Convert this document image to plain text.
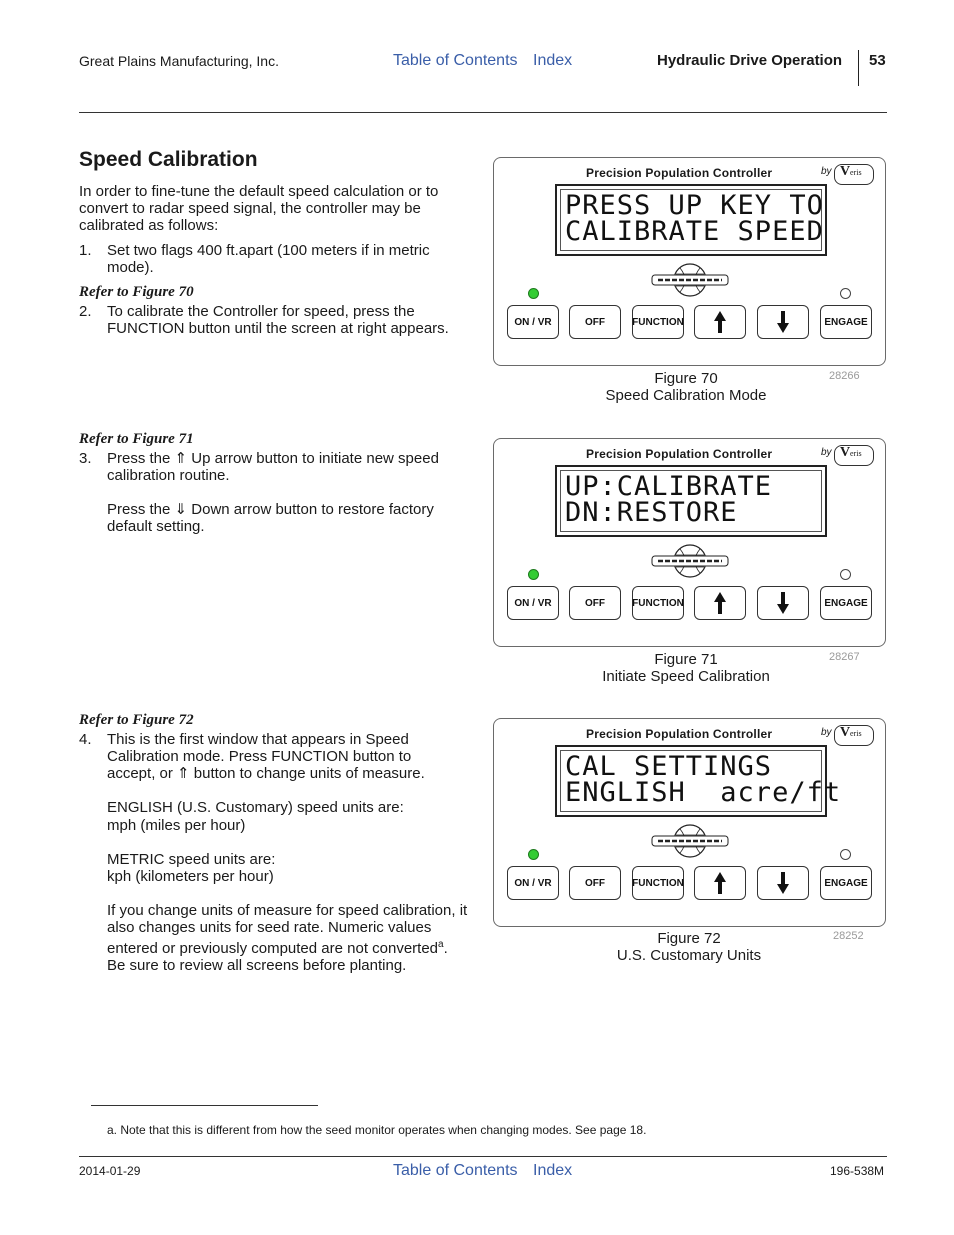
Great Plains Manufacturing, Inc.	Table of Contents Index	Hydraulic Drive Operation 53
Speed Calibration
In order to fine-tune the default speed calculation or to convert to radar speed signal, the controller may be calibrated as follows:
1. Set two flags 400 ft.apart (100 meters if in metric mode).
Refer to Figure 70
2. To calibrate the Controller for speed, press the FUNCTION button until the screen at right appears.
Refer to Figure 71
3. Press the ⇑ Up arrow button to initiate new speed calibration routine.
Press the ⇓ Down arrow button to restore factory default setting.
Refer to Figure 72
4. This is the first window that appears in Speed Calibration mode. Press FUNCTION button to accept, or ⇑ button to change units of measure.
ENGLISH (U.S. Customary) speed units are:
mph (miles per hour)
METRIC speed units are:
kph (kilometers per hour)
If you change units of measure for speed calibration, it also changes units for seed rate. Numeric values entered or previously computed are not converted$^a$. Be sure to review all screens before planting.
Precision Population Controller	by V eris
PRESS UP KEY TO
CALIBRATE SPEED
ON / VR	OFF	FUNCTION	ENGAGE
Figure 70
Speed Calibration Mode
28266
Precision Population Controller	by V eris
UP:CALIBRATE
DN:RESTORE
ON / VR	OFF	FUNCTION	ENGAGE
Figure 71
Initiate Speed Calibration
28267
Precision Population Controller	by V eris
CAL SETTINGS
ENGLISH  acre/ft
ON / VR	OFF	FUNCTION	ENGAGE
Figure 72
U.S. Customary Units
28252
a. Note that this is different from how the seed monitor operates when changing modes. See page 18.
2014-01-29	Table of Contents Index	196-538M
